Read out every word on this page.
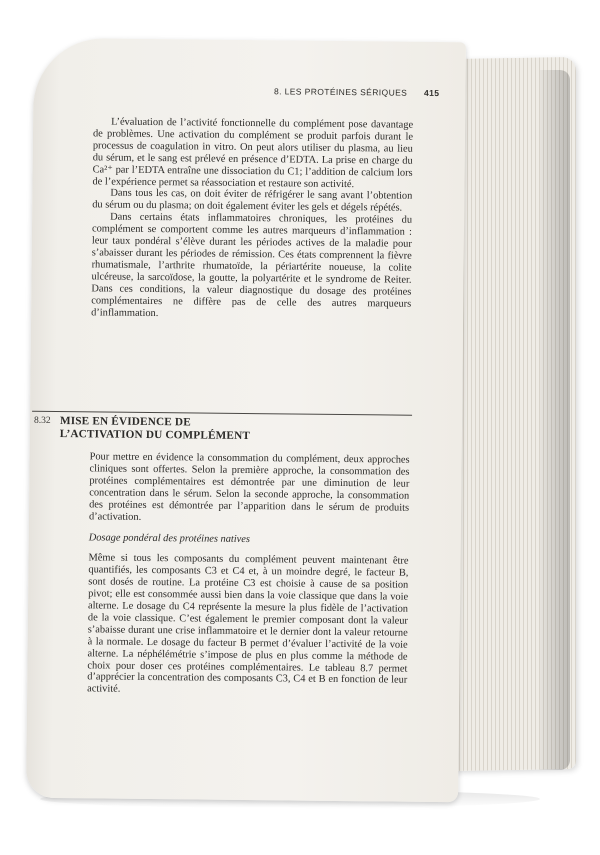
8. LES PROTÉINES SÉRIQUES 415

L’évaluation de l’activité fonctionnelle du complément pose davantage de problèmes. Une activation du complément se produit parfois durant le processus de coagulation in vitro. On peut alors utiliser du plasma, au lieu du sérum, et le sang est prélevé en présence d’EDTA. La prise en charge du Ca²⁺ par l’EDTA entraîne une dissociation du C1; l’addition de calcium lors de l’expérience permet sa réassociation et restaure son activité.

Dans tous les cas, on doit éviter de réfrigérer le sang avant l’obtention du sérum ou du plasma; on doit également éviter les gels et dégels répétés.

Dans certains états inflammatoires chroniques, les protéines du complément se comportent comme les autres marqueurs d’inflammation : leur taux pondéral s’élève durant les périodes actives de la maladie pour s’abaisser durant les périodes de rémission. Ces états comprennent la fièvre rhumatismale, l’arthrite rhumatoïde, la périartérite noueuse, la colite ulcéreuse, la sarcoïdose, la goutte, la polyartérite et le syndrome de Reiter. Dans ces conditions, la valeur diagnostique du dosage des protéines complémentaires ne diffère pas de celle des autres marqueurs d’inflammation.

8.32 MISE EN ÉVIDENCE DE
L’ACTIVATION DU COMPLÉMENT

Pour mettre en évidence la consommation du complément, deux approches cliniques sont offertes. Selon la première approche, la consommation des protéines complémentaires est démontrée par une diminution de leur concentration dans le sérum. Selon la seconde approche, la consommation des protéines est démontrée par l’apparition dans le sérum de produits d’activation.

Dosage pondéral des protéines natives

Même si tous les composants du complément peuvent maintenant être quantifiés, les composants C3 et C4 et, à un moindre degré, le facteur B, sont dosés de routine. La protéine C3 est choisie à cause de sa position pivot; elle est consommée aussi bien dans la voie classique que dans la voie alterne. Le dosage du C4 représente la mesure la plus fidèle de l’activation de la voie classique. C’est également le premier composant dont la valeur s’abaisse durant une crise inflammatoire et le dernier dont la valeur retourne à la normale. Le dosage du facteur B permet d’évaluer l’activité de la voie alterne. La néphélémétrie s’impose de plus en plus comme la méthode de choix pour doser ces protéines complémentaires. Le tableau 8.7 permet d’apprécier la concentration des composants C3, C4 et B en fonction de leur activité.
